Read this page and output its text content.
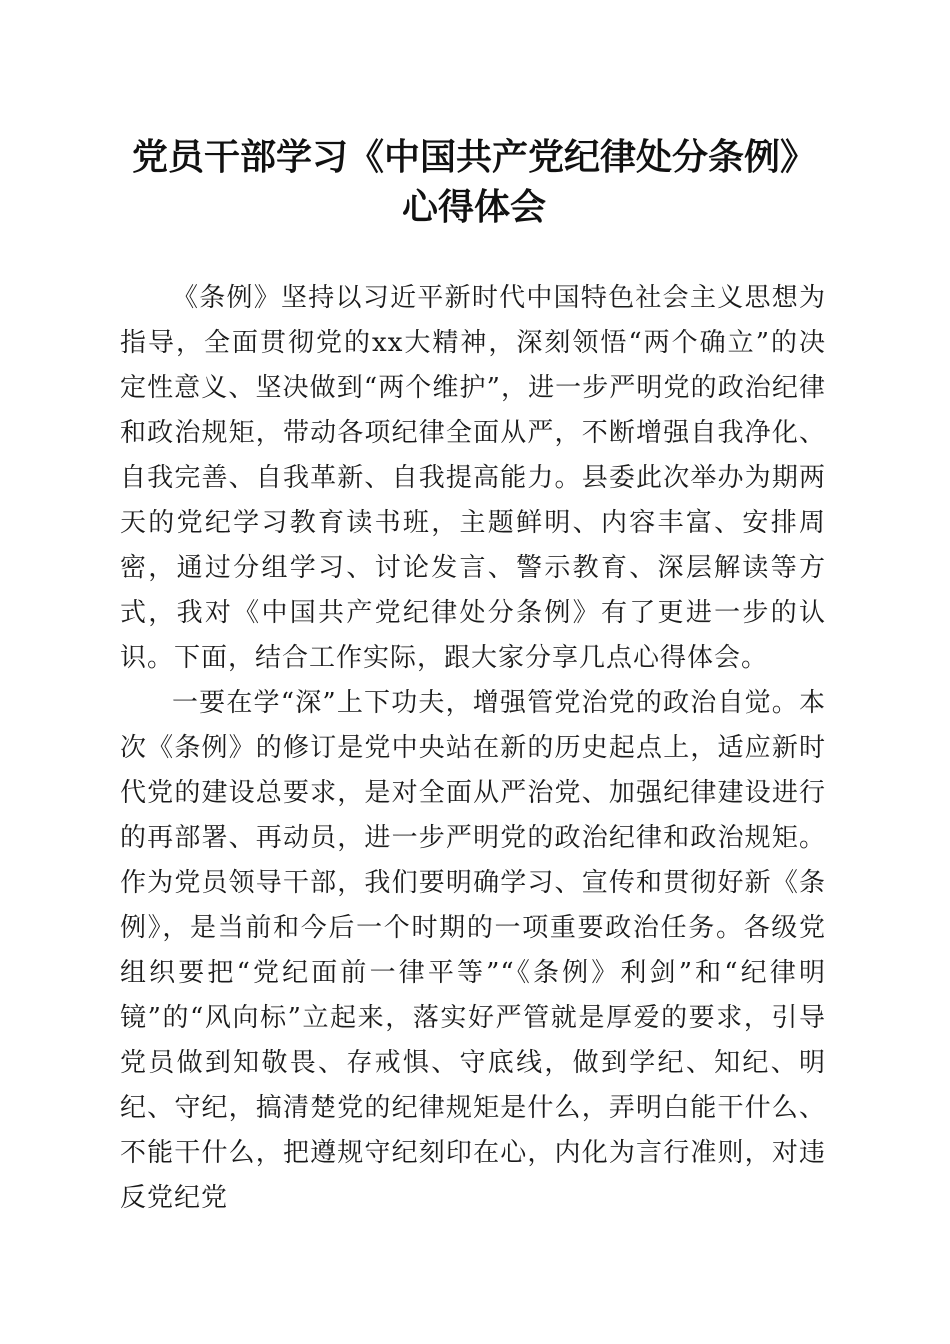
党员干部学习《中国共产党纪律处分条例》心得体会

《条例》坚持以习近平新时代中国特色社会主义思想为指导，全面贯彻党的xx大精神，深刻领悟“两个确立”的决定性意义、坚决做到“两个维护”，进一步严明党的政治纪律和政治规矩，带动各项纪律全面从严，不断增强自我净化、自我完善、自我革新、自我提高能力。县委此次举办为期两天的党纪学习教育读书班，主题鲜明、内容丰富、安排周密，通过分组学习、讨论发言、警示教育、深层解读等方式，我对《中国共产党纪律处分条例》有了更进一步的认识。下面，结合工作实际，跟大家分享几点心得体会。

一要在学“深”上下功夫，增强管党治党的政治自觉。本次《条例》的修订是党中央站在新的历史起点上，适应新时代党的建设总要求，是对全面从严治党、加强纪律建设进行的再部署、再动员，进一步严明党的政治纪律和政治规矩。作为党员领导干部，我们要明确学习、宣传和贯彻好新《条例》，是当前和今后一个时期的一项重要政治任务。各级党组织要把“党纪面前一律平等”“《条例》利剑”和“纪律明镜”的“风向标”立起来，落实好严管就是厚爱的要求，引导党员做到知敬畏、存戒惧、守底线，做到学纪、知纪、明纪、守纪，搞清楚党的纪律规矩是什么，弄明白能干什么、不能干什么，把遵规守纪刻印在心，内化为言行准则，对违反党纪党
